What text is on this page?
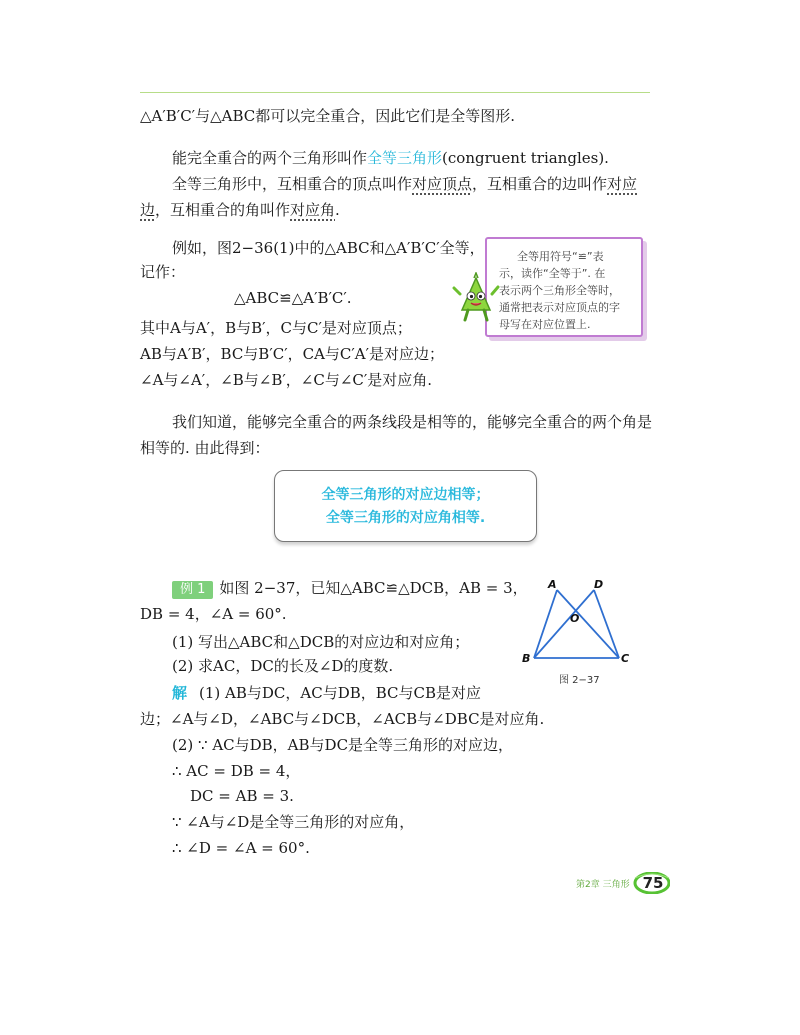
△A′B′C′与△ABC都可以完全重合，因此它们是全等图形.
能完全重合的两个三角形叫作全等三角形(congruent triangles).
全等三角形中，互相重合的顶点叫作对应顶点，互相重合的边叫作对应
边，互相重合的角叫作对应角.
例如，图2−36(1)中的△ABC和△A′B′C′全等，
记作：
△ABC≌△A′B′C′.
其中A与A′，B与B′，C与C′是对应顶点；
AB与A′B′，BC与B′C′，CA与C′A′是对应边；
∠A与∠A′，∠B与∠B′，∠C与∠C′是对应角.

全等用符号“≌”表

示，读作“全等于”. 在

表示两个三角形全等时，

通常把表示对应顶点的字

母写在对应位置上.

我们知道，能够完全重合的两条线段是相等的，能够完全重合的两个角是
相等的. 由此得到：
全等三角形的对应边相等；
全等三角形的对应角相等.
例 1 如图 2−37，已知△ABC≌△DCB，AB = 3，
DB = 4，∠A = 60°.
(1) 写出△ABC和△DCB的对应边和对应角；
(2) 求AC，DC的长及∠D的度数.
解 (1) AB与DC，AC与DB，BC与CB是对应
边；∠A与∠D，∠ABC与∠DCB，∠ACB与∠DBC是对应角.
(2) ∵ AC与DB，AB与DC是全等三角形的对应边，
∴ AC = DB = 4，
DC = AB = 3.
∵ ∠A与∠D是全等三角形的对应角，
∴ ∠D = ∠A = 60°.
A	D
O
B	C
图 2−37
第2章 三角形 75
